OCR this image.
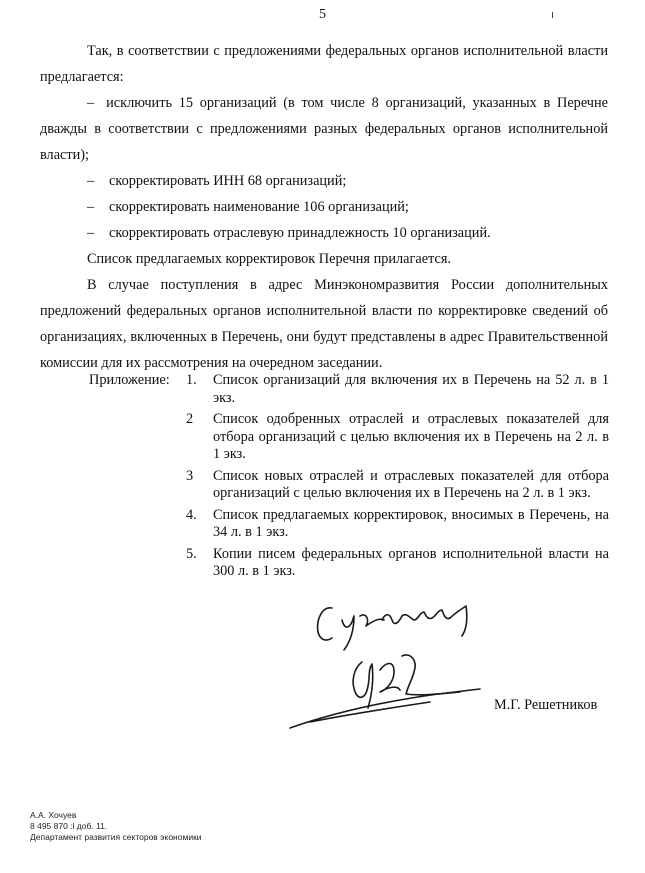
5

Так, в соответствии с предложениями федеральных органов исполнительной власти предлагается:

– исключить 15 организаций (в том числе 8 организаций, указанных в Перечне дважды в соответствии с предложениями разных федеральных органов исполнительной власти);

–	скорректировать ИНН 68 организаций;

–	скорректировать наименование 106 организаций;

–	скорректировать отраслевую принадлежность 10 организаций.

Список предлагаемых корректировок Перечня прилагается.

В случае поступления в адрес Минэкономразвития России дополнительных предложений федеральных органов исполнительной власти по корректировке сведений об организациях, включенных в Перечень, они будут представлены в адрес Правительственной комиссии для их рассмотрения на очередном заседании.

Приложение: 1.	Список организаций для включения их в Перечень на 52 л. в 1 экз.
2	Список одобренных отраслей и отраслевых показателей для отбора организаций с целью включения их в Перечень на 2 л. в 1 экз.
3	Список новых отраслей и отраслевых показателей для отбора организаций с целью включения их в Перечень на 2 л. в 1 экз.
4.	Список предлагаемых корректировок, вносимых в Перечень, на 34 л. в 1 экз.
5.	Копии писем федеральных органов исполнительной власти на 300 л. в 1 экз.
М.Г. Решетников
А.А. Хочуев
8 495 870 :l доб. 11.
Департамент развития секторов экономики
